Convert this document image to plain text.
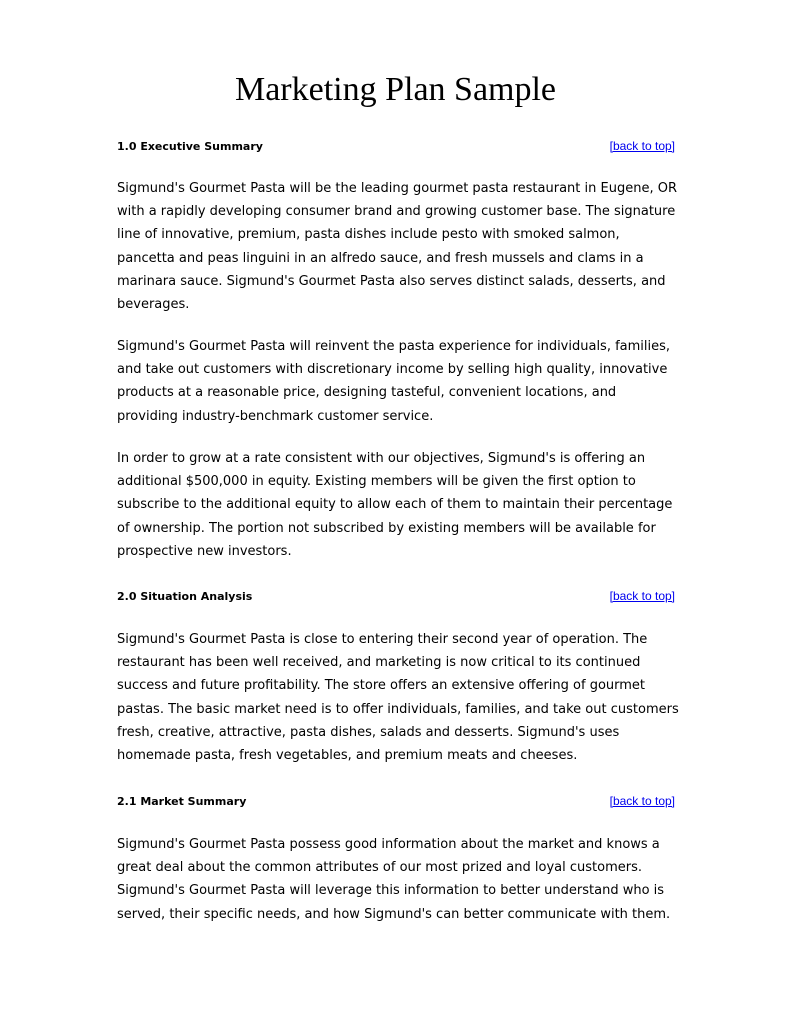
Marketing Plan Sample
1.0 Executive Summary	[back to top]

Sigmund's Gourmet Pasta will be the leading gourmet pasta restaurant in Eugene, OR with a rapidly developing consumer brand and growing customer base. The signature line of innovative, premium, pasta dishes include pesto with smoked salmon, pancetta and peas linguini in an alfredo sauce, and fresh mussels and clams in a marinara sauce. Sigmund's Gourmet Pasta also serves distinct salads, desserts, and beverages.

Sigmund's Gourmet Pasta will reinvent the pasta experience for individuals, families, and take out customers with discretionary income by selling high quality, innovative products at a reasonable price, designing tasteful, convenient locations, and providing industry-benchmark customer service.

In order to grow at a rate consistent with our objectives, Sigmund's is offering an additional $500,000 in equity. Existing members will be given the first option to subscribe to the additional equity to allow each of them to maintain their percentage of ownership. The portion not subscribed by existing members will be available for prospective new investors.

2.0 Situation Analysis	[back to top]

Sigmund's Gourmet Pasta is close to entering their second year of operation. The restaurant has been well received, and marketing is now critical to its continued success and future profitability. The store offers an extensive offering of gourmet pastas. The basic market need is to offer individuals, families, and take out customers fresh, creative, attractive, pasta dishes, salads and desserts. Sigmund's uses homemade pasta, fresh vegetables, and premium meats and cheeses.

2.1 Market Summary	[back to top]

Sigmund's Gourmet Pasta possess good information about the market and knows a great deal about the common attributes of our most prized and loyal customers. Sigmund's Gourmet Pasta will leverage this information to better understand who is served, their specific needs, and how Sigmund's can better communicate with them.
